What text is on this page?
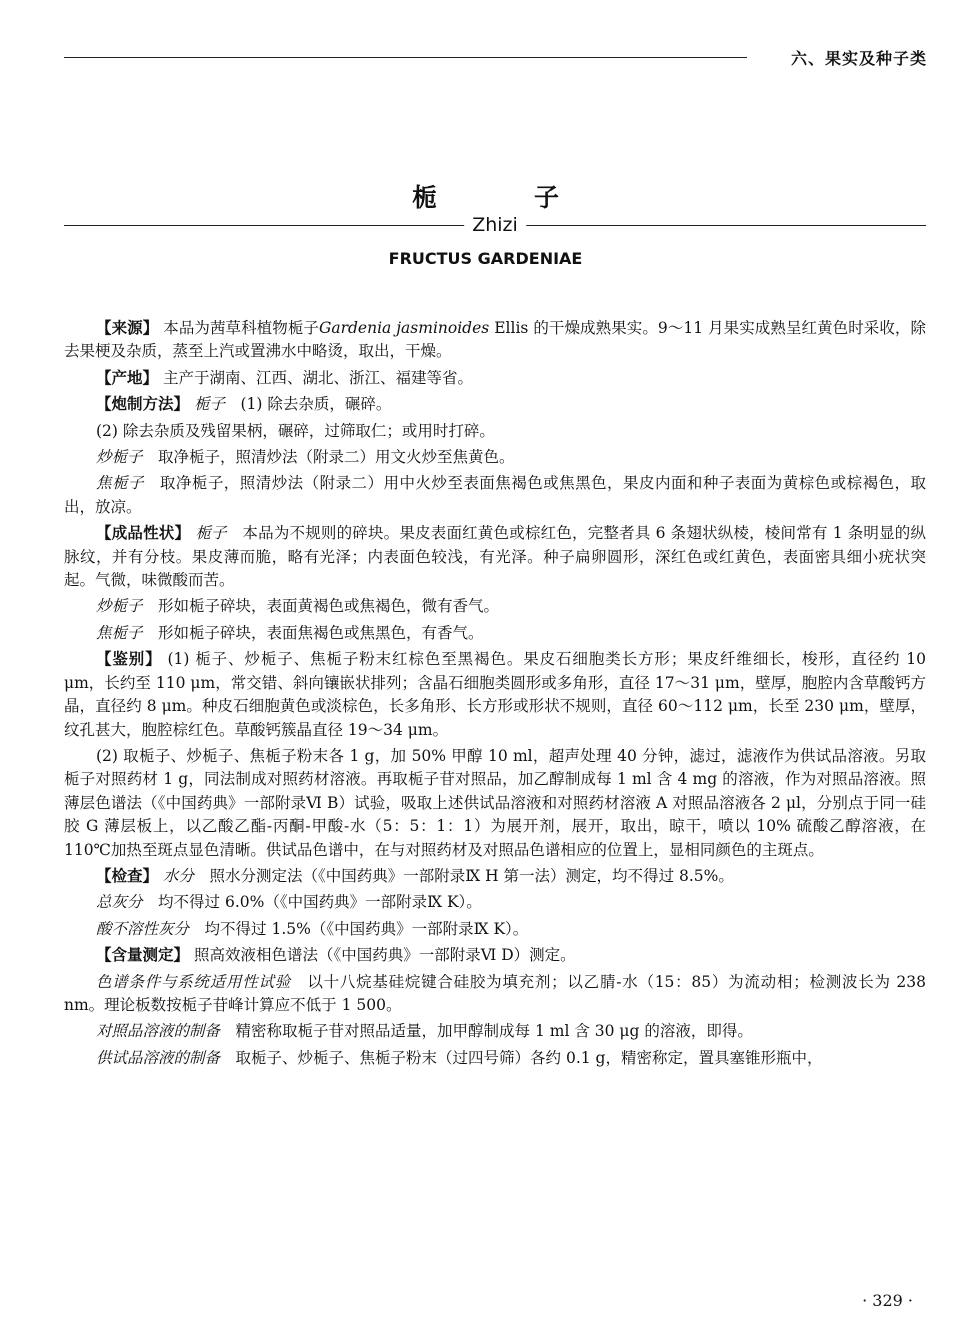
六、果实及种子类
栀　子
Zhizi
FRUCTUS GARDENIAE

【来源】 本品为茜草科植物栀子Gardenia jasminoides Ellis 的干燥成熟果实。9～11 月果实成熟呈红黄色时采收，除去果梗及杂质，蒸至上汽或置沸水中略烫，取出，干燥。

【产地】 主产于湖南、江西、湖北、浙江、福建等省。

【炮制方法】 栀子　 (1) 除去杂质，碾碎。

(2) 除去杂质及残留果柄，碾碎，过筛取仁；或用时打碎。

炒栀子　 取净栀子，照清炒法（附录二）用文火炒至焦黄色。

焦栀子　 取净栀子，照清炒法（附录二）用中火炒至表面焦褐色或焦黑色，果皮内面和种子表面为黄棕色或棕褐色，取出，放凉。

【成品性状】 栀子　 本品为不规则的碎块。果皮表面红黄色或棕红色，完整者具 6 条翅状纵棱，棱间常有 1 条明显的纵脉纹，并有分枝。果皮薄而脆，略有光泽；内表面色较浅，有光泽。种子扁卵圆形，深红色或红黄色，表面密具细小疣状突起。气微，味微酸而苦。

炒栀子　 形如栀子碎块，表面黄褐色或焦褐色，微有香气。

焦栀子　 形如栀子碎块，表面焦褐色或焦黑色，有香气。

【鉴别】 (1) 栀子、炒栀子、焦栀子粉末红棕色至黑褐色。果皮石细胞类长方形；果皮纤维细长，梭形，直径约 10 μm，长约至 110 μm，常交错、斜向镶嵌状排列；含晶石细胞类圆形或多角形，直径 17～31 μm，壁厚，胞腔内含草酸钙方晶，直径约 8 μm。种皮石细胞黄色或淡棕色，长多角形、长方形或形状不规则，直径 60～112 μm，长至 230 μm，壁厚，纹孔甚大，胞腔棕红色。草酸钙簇晶直径 19～34 μm。

(2) 取栀子、炒栀子、焦栀子粉末各 1 g，加 50% 甲醇 10 ml，超声处理 40 分钟，滤过，滤液作为供试品溶液。另取栀子对照药材 1 g，同法制成对照药材溶液。再取栀子苷对照品，加乙醇制成每 1 ml 含 4 mg 的溶液，作为对照品溶液。照薄层色谱法（《中国药典》一部附录Ⅵ B）试验，吸取上述供试品溶液和对照药材溶液 A 对照品溶液各 2 μl，分别点于同一硅胶 G 薄层板上，以乙酸乙酯-丙酮-甲酸-水（5：5：1：1）为展开剂，展开，取出，晾干，喷以 10% 硫酸乙醇溶液，在 110℃加热至斑点显色清晰。供试品色谱中，在与对照药材及对照品色谱相应的位置上，显相同颜色的主斑点。

【检查】 水分　 照水分测定法（《中国药典》一部附录Ⅸ H 第一法）测定，均不得过 8.5%。

总灰分　 均不得过 6.0%（《中国药典》一部附录Ⅸ K）。

酸不溶性灰分　 均不得过 1.5%（《中国药典》一部附录Ⅸ K）。

【含量测定】 照高效液相色谱法（《中国药典》一部附录Ⅵ D）测定。

色谱条件与系统适用性试验　 以十八烷基硅烷键合硅胶为填充剂；以乙腈-水（15：85）为流动相；检测波长为 238 nm。理论板数按栀子苷峰计算应不低于 1 500。

对照品溶液的制备　 精密称取栀子苷对照品适量，加甲醇制成每 1 ml 含 30 μg 的溶液，即得。

供试品溶液的制备　 取栀子、炒栀子、焦栀子粉末（过四号筛）各约 0.1 g，精密称定，置具塞锥形瓶中，

· 329 ·
